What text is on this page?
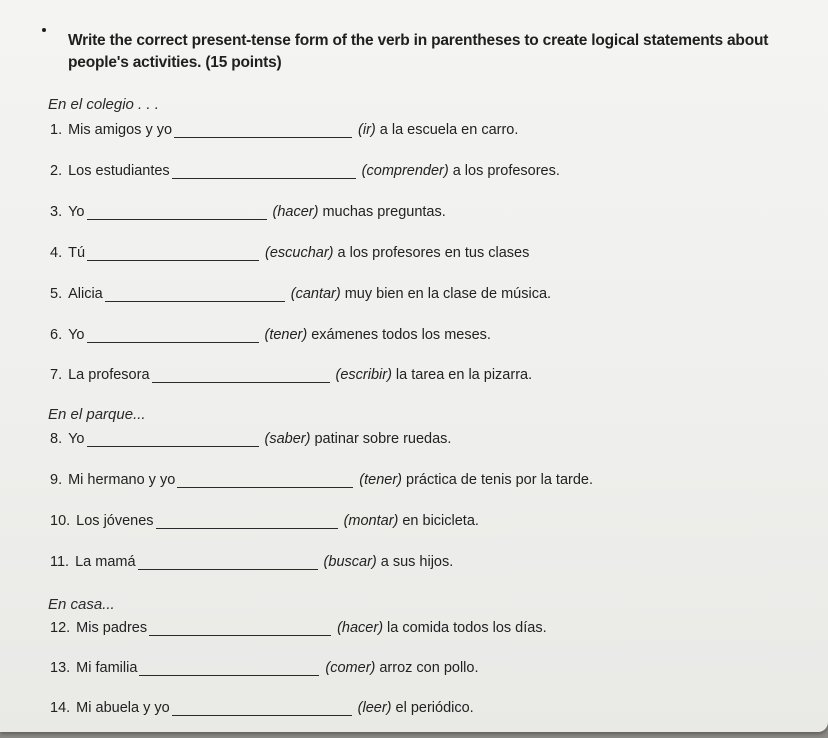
Write the correct present-tense form of the verb in parentheses to create logical statements about people's activities. (15 points)
En el colegio . . .
1. Mis amigos y yo	(ir) a la escuela en carro.
2. Los estudiantes	(comprender) a los profesores.
3. Yo	(hacer) muchas preguntas.
4. Tú	(escuchar) a los profesores en tus clases
5. Alicia	(cantar) muy bien en la clase de música.
6. Yo	(tener) exámenes todos los meses.
7. La profesora	(escribir) la tarea en la pizarra.
En el parque...
8. Yo	(saber) patinar sobre ruedas.
9. Mi hermano y yo	(tener) práctica de tenis por la tarde.
10. Los jóvenes	(montar) en bicicleta.
11. La mamá	(buscar) a sus hijos.
En casa...
12. Mis padres	(hacer) la comida todos los días.
13. Mi familia	(comer) arroz con pollo.
14. Mi abuela y yo	(leer) el periódico.
